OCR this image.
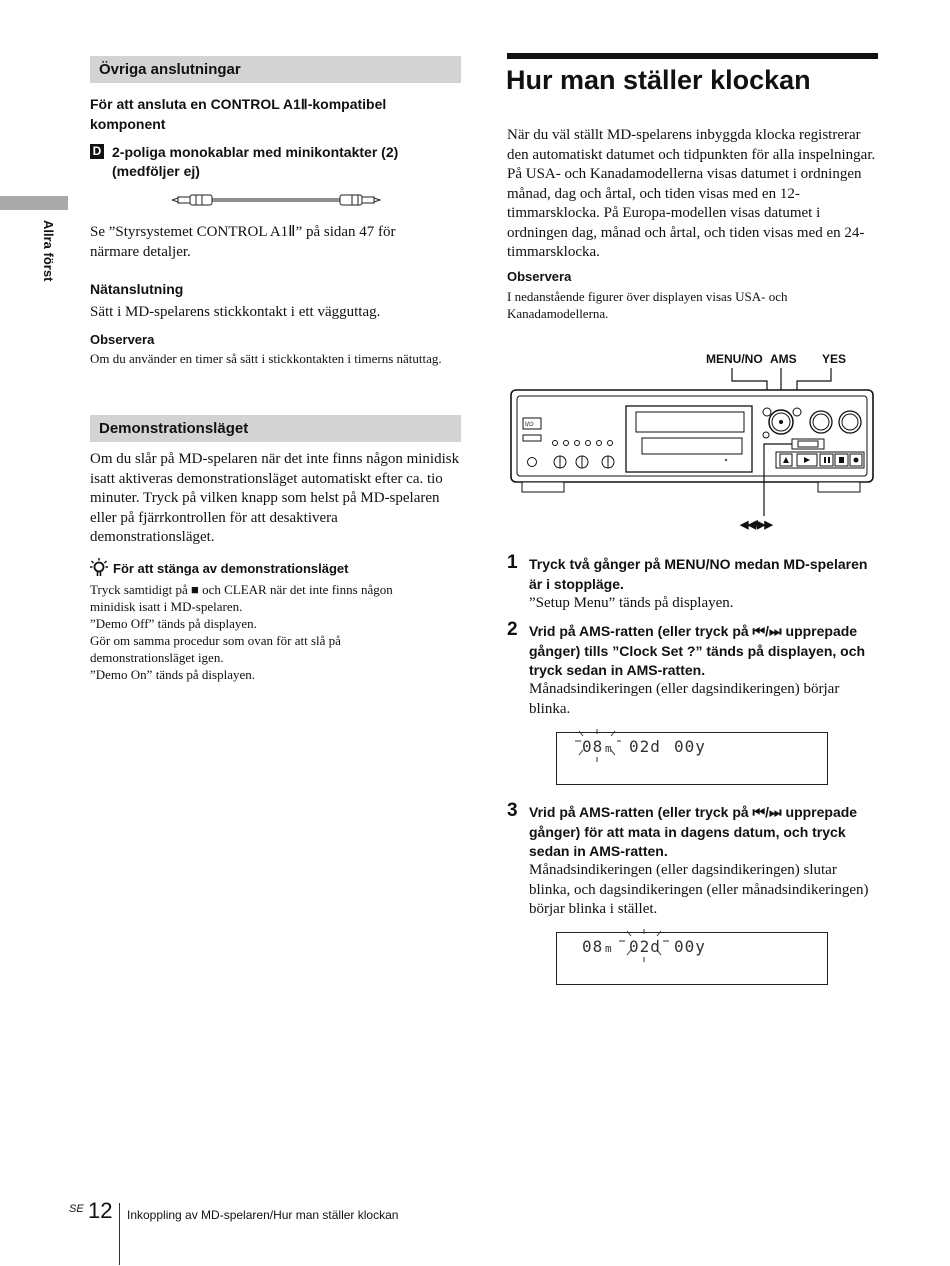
Allra först
Övriga anslutningar
För att ansluta en CONTROL A1Ⅱ-kompatibel komponent
D 2-poliga monokablar med minikontakter (2) (medföljer ej)
Se ”Styrsystemet CONTROL A1Ⅱ” på sidan 47 för närmare detaljer.
Nätanslutning
Sätt i MD-spelarens stickkontakt i ett vägguttag.
Observera
Om du använder en timer så sätt i stickkontakten i timerns nätuttag.
Demonstrationsläget
Om du slår på MD-spelaren när det inte finns någon minidisk isatt aktiveras demonstrationsläget automatiskt efter ca. tio minuter. Tryck på vilken knapp som helst på MD-spelaren eller på fjärrkontrollen för att desaktivera demonstrationsläget.
För att stänga av demonstrationsläget
Tryck samtidigt på ■ och CLEAR när det inte finns någon
minidisk isatt i MD-spelaren.
”Demo Off” tänds på displayen.
Gör om samma procedur som ovan för att slå på
demonstrationsläget igen.
”Demo On” tänds på displayen.
Hur man ställer klockan
När du väl ställt MD-spelarens inbyggda klocka registrerar den automatiskt datumet och tidpunkten för alla inspelningar. På USA- och Kanadamodellerna visas datumet i ordningen månad, dag och årtal, och tiden visas med en 12-timmarsklocka. På Europa-modellen visas datumet i ordningen dag, månad och årtal, och tiden visas med en 24-timmarsklocka.
Observera
I nedanstående figurer över displayen visas USA- och Kanadamodellerna.
MENU/NO AMS YES
◀◀/▶▶
I/⏻
1 Tryck två gånger på MENU/NO medan MD-spelaren är i stoppläge.
”Setup Menu” tänds på displayen.
2 Vrid på AMS-ratten (eller tryck på ⏮/⏭ upprepade gånger) tills ”Clock Set ?” tänds på displayen, och tryck sedan in AMS-ratten.
Månadsindikeringen (eller dagsindikeringen) börjar blinka.
08 m 02d 00y
3 Vrid på AMS-ratten (eller tryck på ⏮/⏭ upprepade gånger) för att mata in dagens datum, och tryck sedan in AMS-ratten.
Månadsindikeringen (eller dagsindikeringen) slutar blinka, och dagsindikeringen (eller månadsindikeringen) börjar blinka i stället.
08 m 02d 00y
SE 12 Inkoppling av MD-spelaren/Hur man ställer klockan
